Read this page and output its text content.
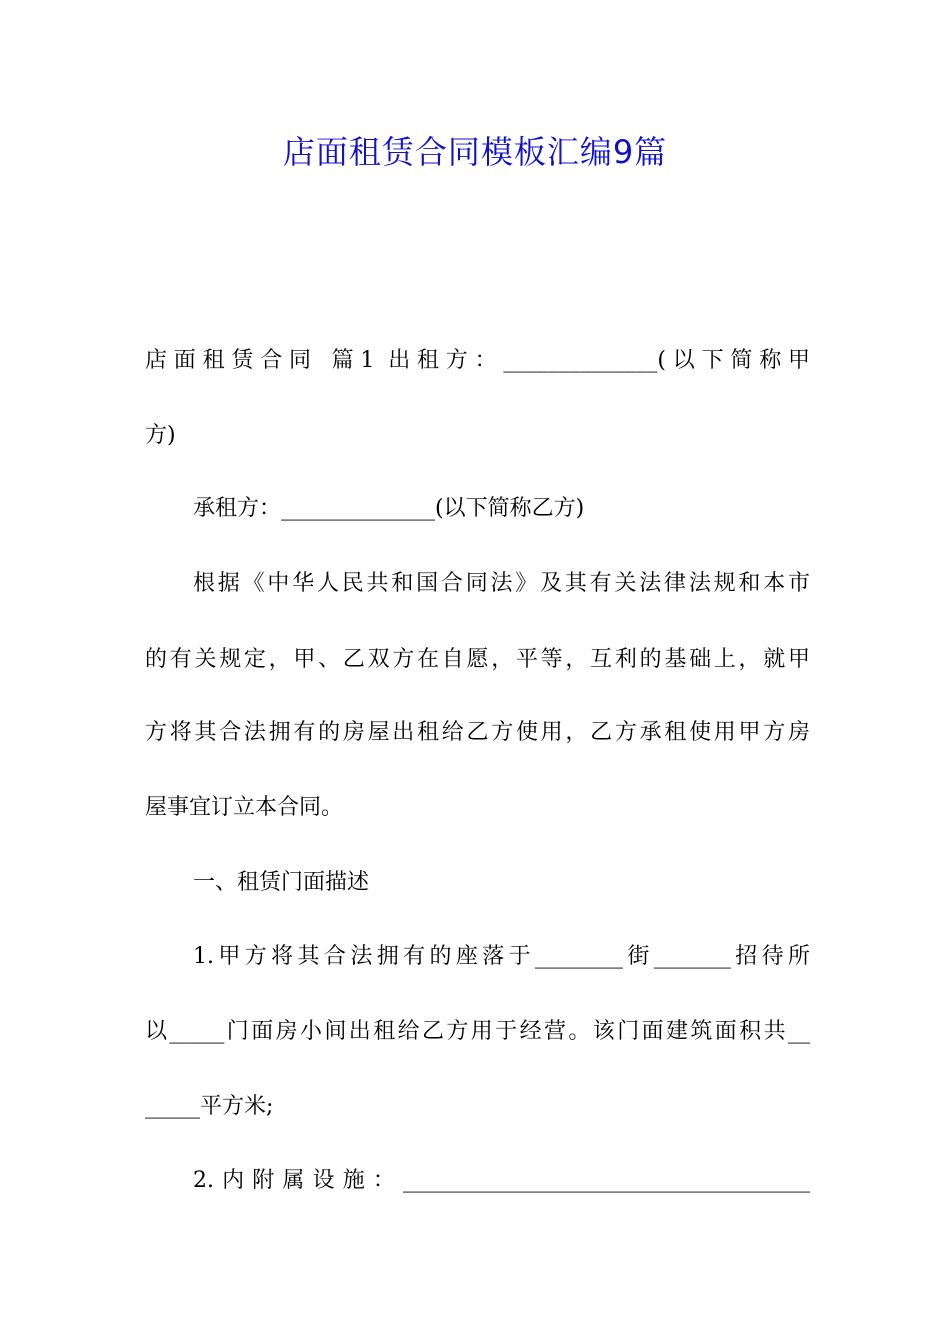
店面租赁合同模板汇编9篇
店面租赁合同 篇1 出租方：______________(以下简称甲
方)
承租方：______________(以下简称乙方)
根据《中华人民共和国合同法》及其有关法律法规和本市
的有关规定，甲、乙双方在自愿，平等，互利的基础上，就甲
方将其合法拥有的房屋出租给乙方使用，乙方承租使用甲方房
屋事宜订立本合同。
一、租赁门面描述
1.甲方将其合法拥有的座落于________街_______招待所
以_____门面房小间出租给乙方用于经营。该门面建筑面积共__
_____平方米;
2.内附属设施：_____________________________________
